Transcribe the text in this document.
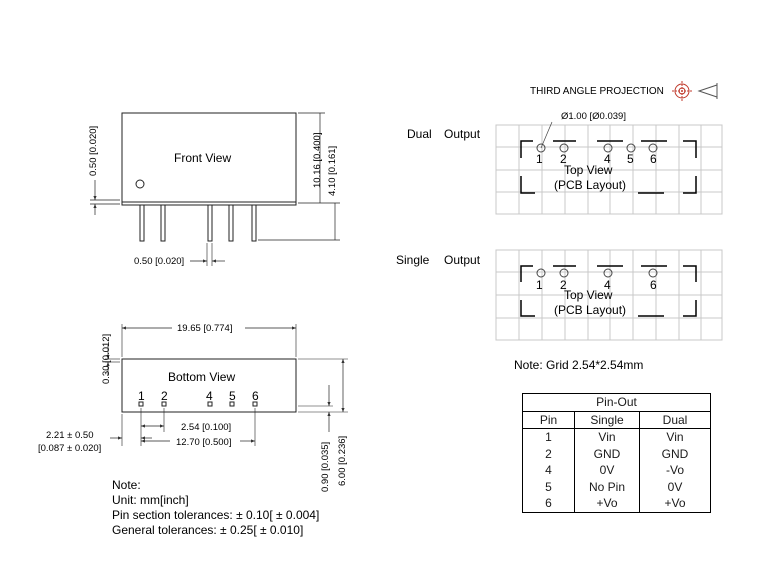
THIRD ANGLE PROJECTION
Front View
0.50 [0.020]	10.16 [0.400] 4.10 [0.161]
0.50 [0.020]
Bottom View
1 2	4 5 6
19.65 [0.774]
0.30 [0.012]
2.21 ± 0.50
[0.087 ± 0.020]
2.54 [0.100]
12.70 [0.500]	0.90 [0.035] 6.00 [0.236]
Note:
Unit: mm[inch]
Pin section tolerances: ± 0.10[ ± 0.004]
General tolerances: ± 0.25[ ± 0.010]
Dual Output
Ø1.00 [Ø0.039]
1 2	4 5 6
Top View
(PCB Layout)
Single Output
1 2	4	6
Top View
(PCB Layout)
Note: Grid 2.54*2.54mm
Pin-Out		
Pin	Single	Dual
1	Vin	Vin
2	GND	GND
4	0V	-Vo
5	No Pin	0V
6	+Vo	+Vo
